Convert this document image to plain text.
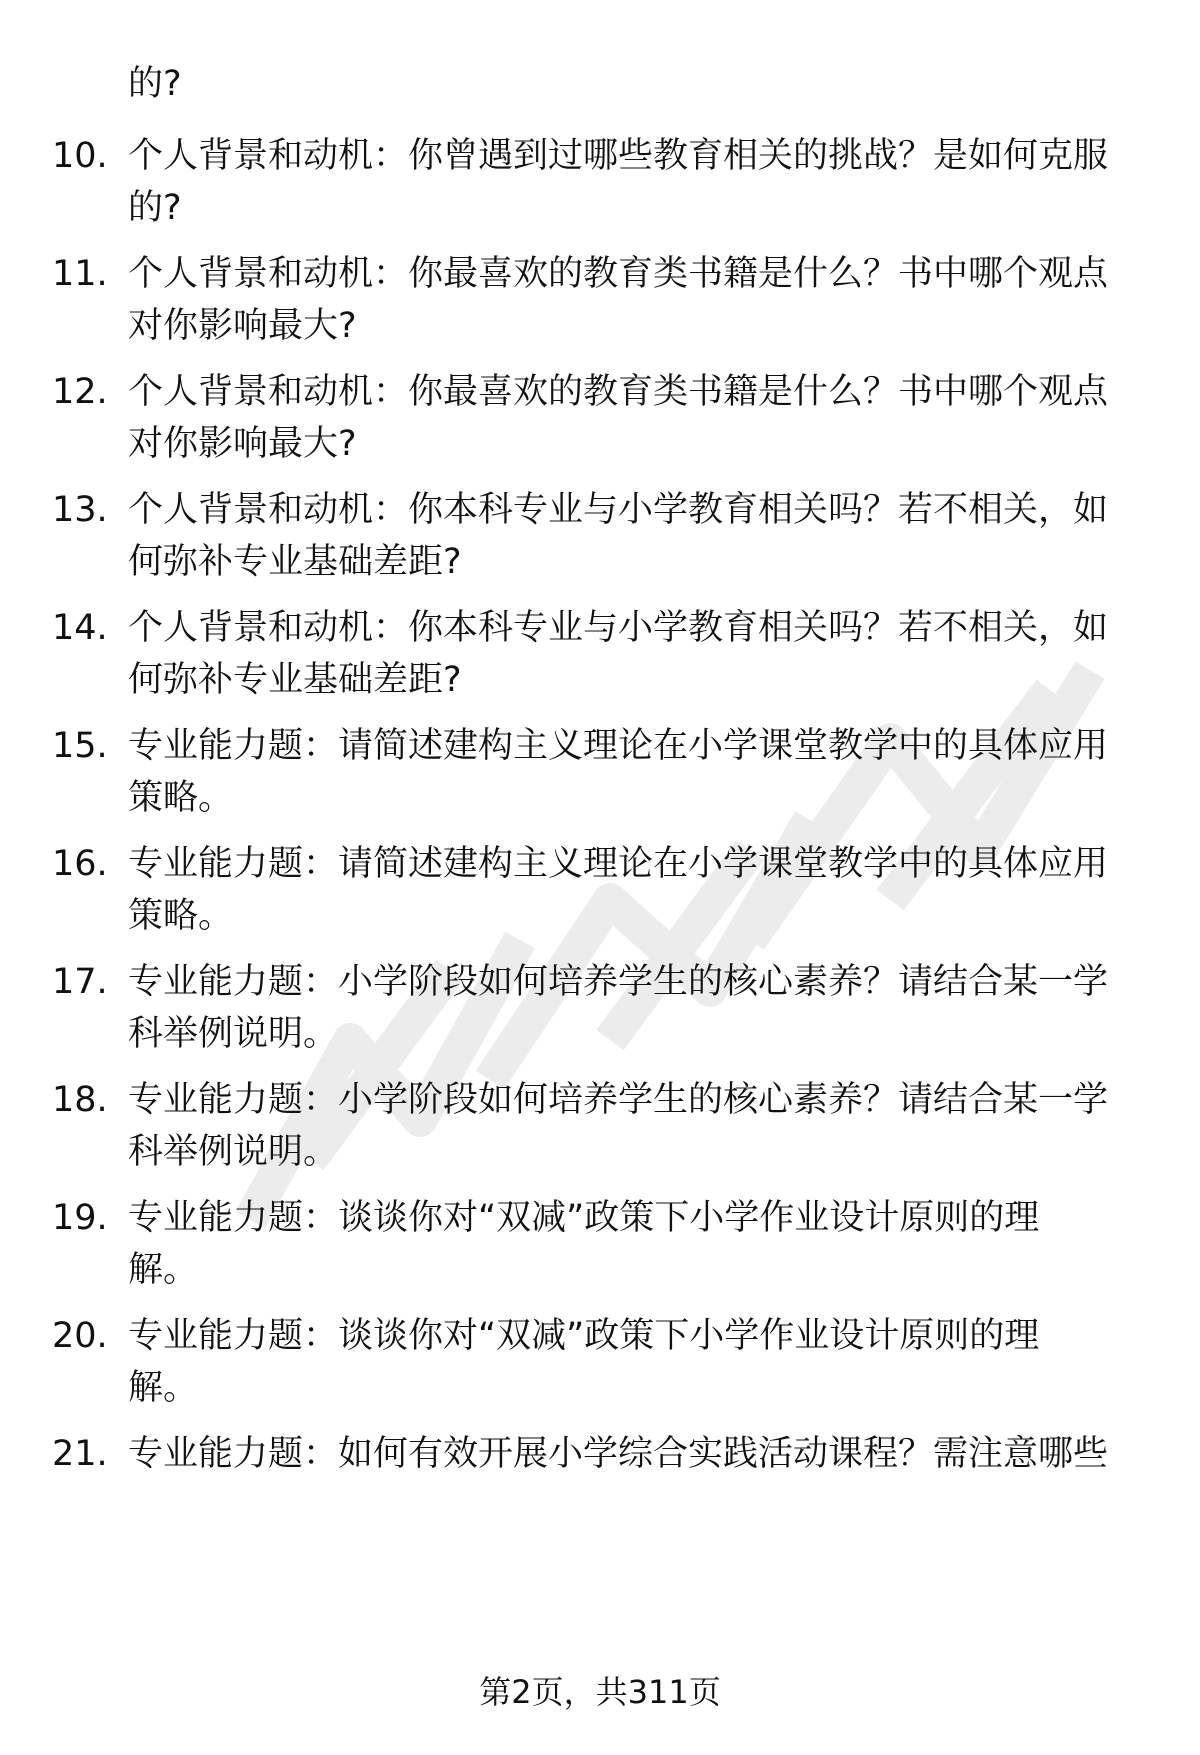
的?
10. 个人背景和动机：你曾遇到过哪些教育相关的挑战？是如何克服
的?
11. 个人背景和动机：你最喜欢的教育类书籍是什么？书中哪个观点
对你影响最大?
12. 个人背景和动机：你最喜欢的教育类书籍是什么？书中哪个观点
对你影响最大?
13. 个人背景和动机：你本科专业与小学教育相关吗？若不相关，如
何弥补专业基础差距?
14. 个人背景和动机：你本科专业与小学教育相关吗？若不相关，如
何弥补专业基础差距?
15. 专业能力题：请简述建构主义理论在小学课堂教学中的具体应用
策略。
16. 专业能力题：请简述建构主义理论在小学课堂教学中的具体应用
策略。
17. 专业能力题：小学阶段如何培养学生的核心素养？请结合某一学
科举例说明。
18. 专业能力题：小学阶段如何培养学生的核心素养？请结合某一学
科举例说明。
19. 专业能力题：谈谈你对“双减”政策下小学作业设计原则的理
解。
20. 专业能力题：谈谈你对“双减”政策下小学作业设计原则的理
解。
21. 专业能力题：如何有效开展小学综合实践活动课程？需注意哪些
第2页，共311页
